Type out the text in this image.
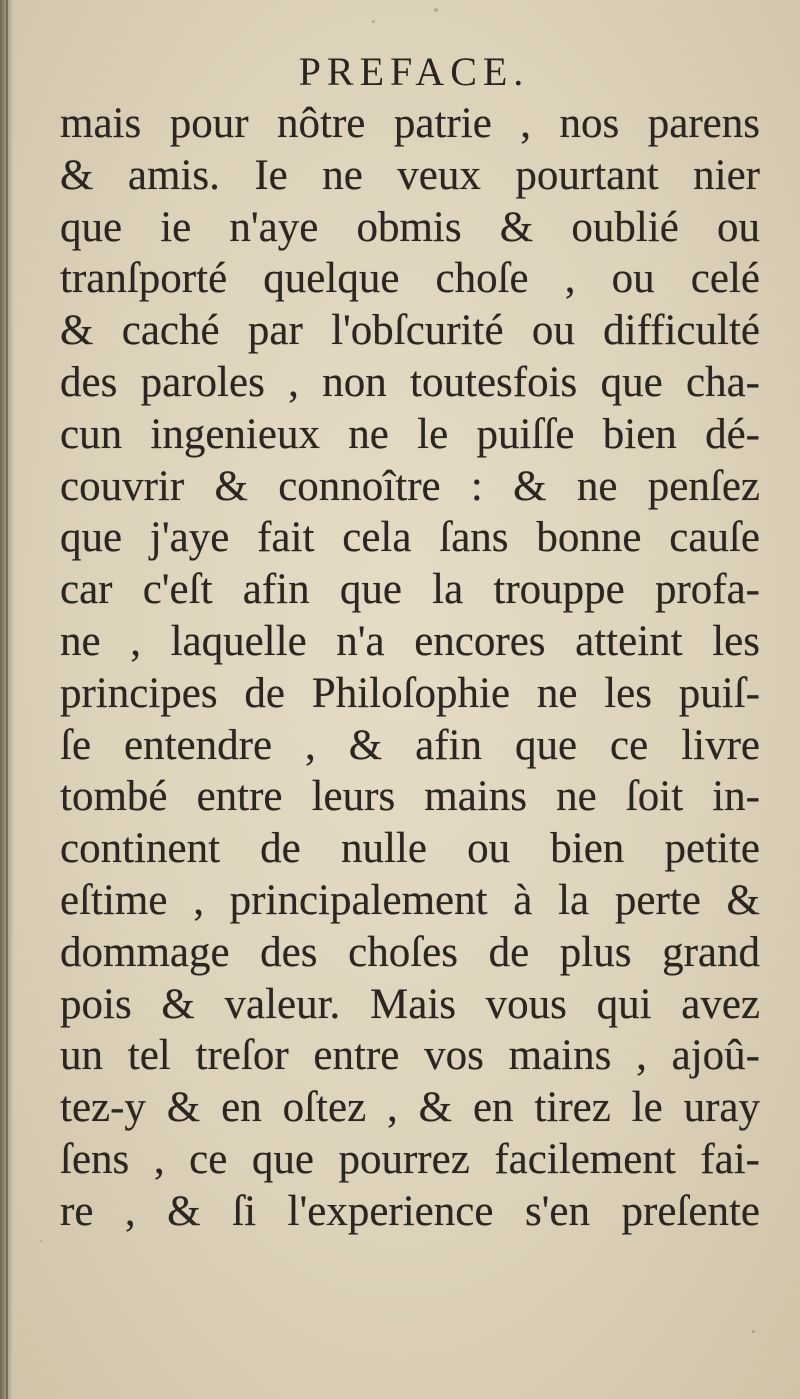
PREFACE.
mais pour nôtre patrie , nos parens
& amis. Ie ne veux pourtant nier
que ie n'aye obmis & oublié ou
tranſporté quelque choſe , ou celé
& caché par l'obſcurité ou difficulté
des paroles , non toutesfois que cha-
cun ingenieux ne le puiſſe bien dé-
couvrir & connoître : & ne penſez
que j'aye fait cela ſans bonne cauſe
car c'eſt afin que la trouppe profa-
ne , laquelle n'a encores atteint les
principes de Philoſophie ne les puiſ-
ſe entendre , & afin que ce livre
tombé entre leurs mains ne ſoit in-
continent de nulle ou bien petite
eſtime , principalement à la perte &
dommage des choſes de plus grand
pois & valeur. Mais vous qui avez
un tel treſor entre vos mains , ajoû-
tez-y & en oſtez , & en tirez le uray
ſens , ce que pourrez facilement fai-
re , & ſi l'experience s'en preſente
